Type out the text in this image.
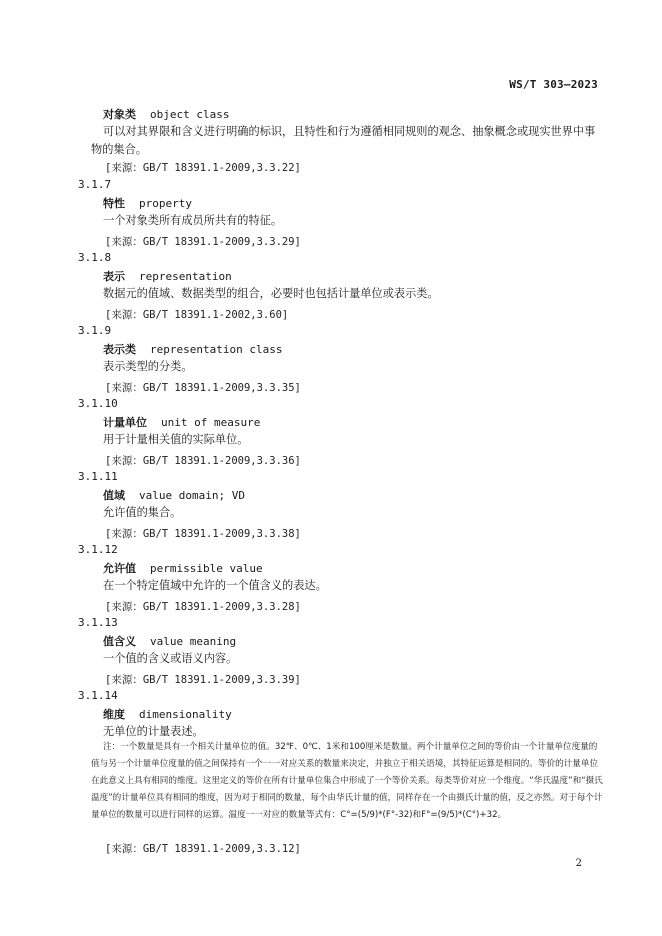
WS/T 303—2023
对象类 object class
可以对其界限和含义进行明确的标识，且特性和行为遵循相同规则的观念、抽象概念或现实世界中事物的集合。
[来源：GB/T 18391.1-2009,3.3.22]
3.1.7
特性 property
一个对象类所有成员所共有的特征。
[来源：GB/T 18391.1-2009,3.3.29]
3.1.8
表示 representation
数据元的值域、数据类型的组合，必要时也包括计量单位或表示类。
[来源：GB/T 18391.1-2002,3.60]
3.1.9
表示类 representation class
表示类型的分类。
[来源：GB/T 18391.1-2009,3.3.35]
3.1.10
计量单位 unit of measure
用于计量相关值的实际单位。
[来源：GB/T 18391.1-2009,3.3.36]
3.1.11
值域 value domain; VD
允许值的集合。
[来源：GB/T 18391.1-2009,3.3.38]
3.1.12
允许值 permissible value
在一个特定值域中允许的一个值含义的表达。
[来源：GB/T 18391.1-2009,3.3.28]
3.1.13
值含义 value meaning
一个值的含义或语义内容。
[来源：GB/T 18391.1-2009,3.3.39]
3.1.14
维度 dimensionality
无单位的计量表述。
注：一个数量是具有一个相关计量单位的值。32℉、0℃、1米和100厘米是数量。两个计量单位之间的等价由一个计量单位度量的值与另一个计量单位度量的值之间保持有一个一一对应关系的数量来决定，并独立于相关语境，其特征运算是相同的。等价的计量单位在此意义上具有相同的维度。这里定义的等价在所有计量单位集合中形成了一个等价关系。每类等价对应一个维度。“华氏温度”和“摄氏温度”的计量单位具有相同的维度，因为对于相同的数量，每个由华氏计量的值，同样存在一个由摄氏计量的值，反之亦然。对于每个计量单位的数量可以进行同样的运算。温度一一对应的数量等式有：C°=(5/9)*(F°-32)和F°=(9/5)*(C°)+32。
[来源：GB/T 18391.1-2009,3.3.12]
2
